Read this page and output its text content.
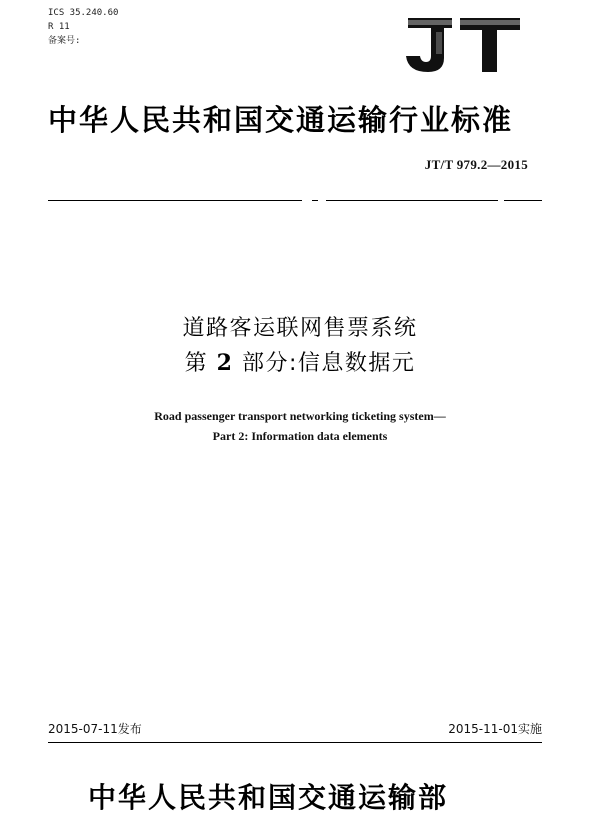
ICS 35.240.60
R 11
备案号:
中华人民共和国交通运输行业标准
JT/T 979.2—2015
道路客运联网售票系统
第 2 部分:信息数据元
Road passenger transport networking ticketing system—
Part 2: Information data elements
2015-07-11发布	2015-11-01实施
中华人民共和国交通运输部
